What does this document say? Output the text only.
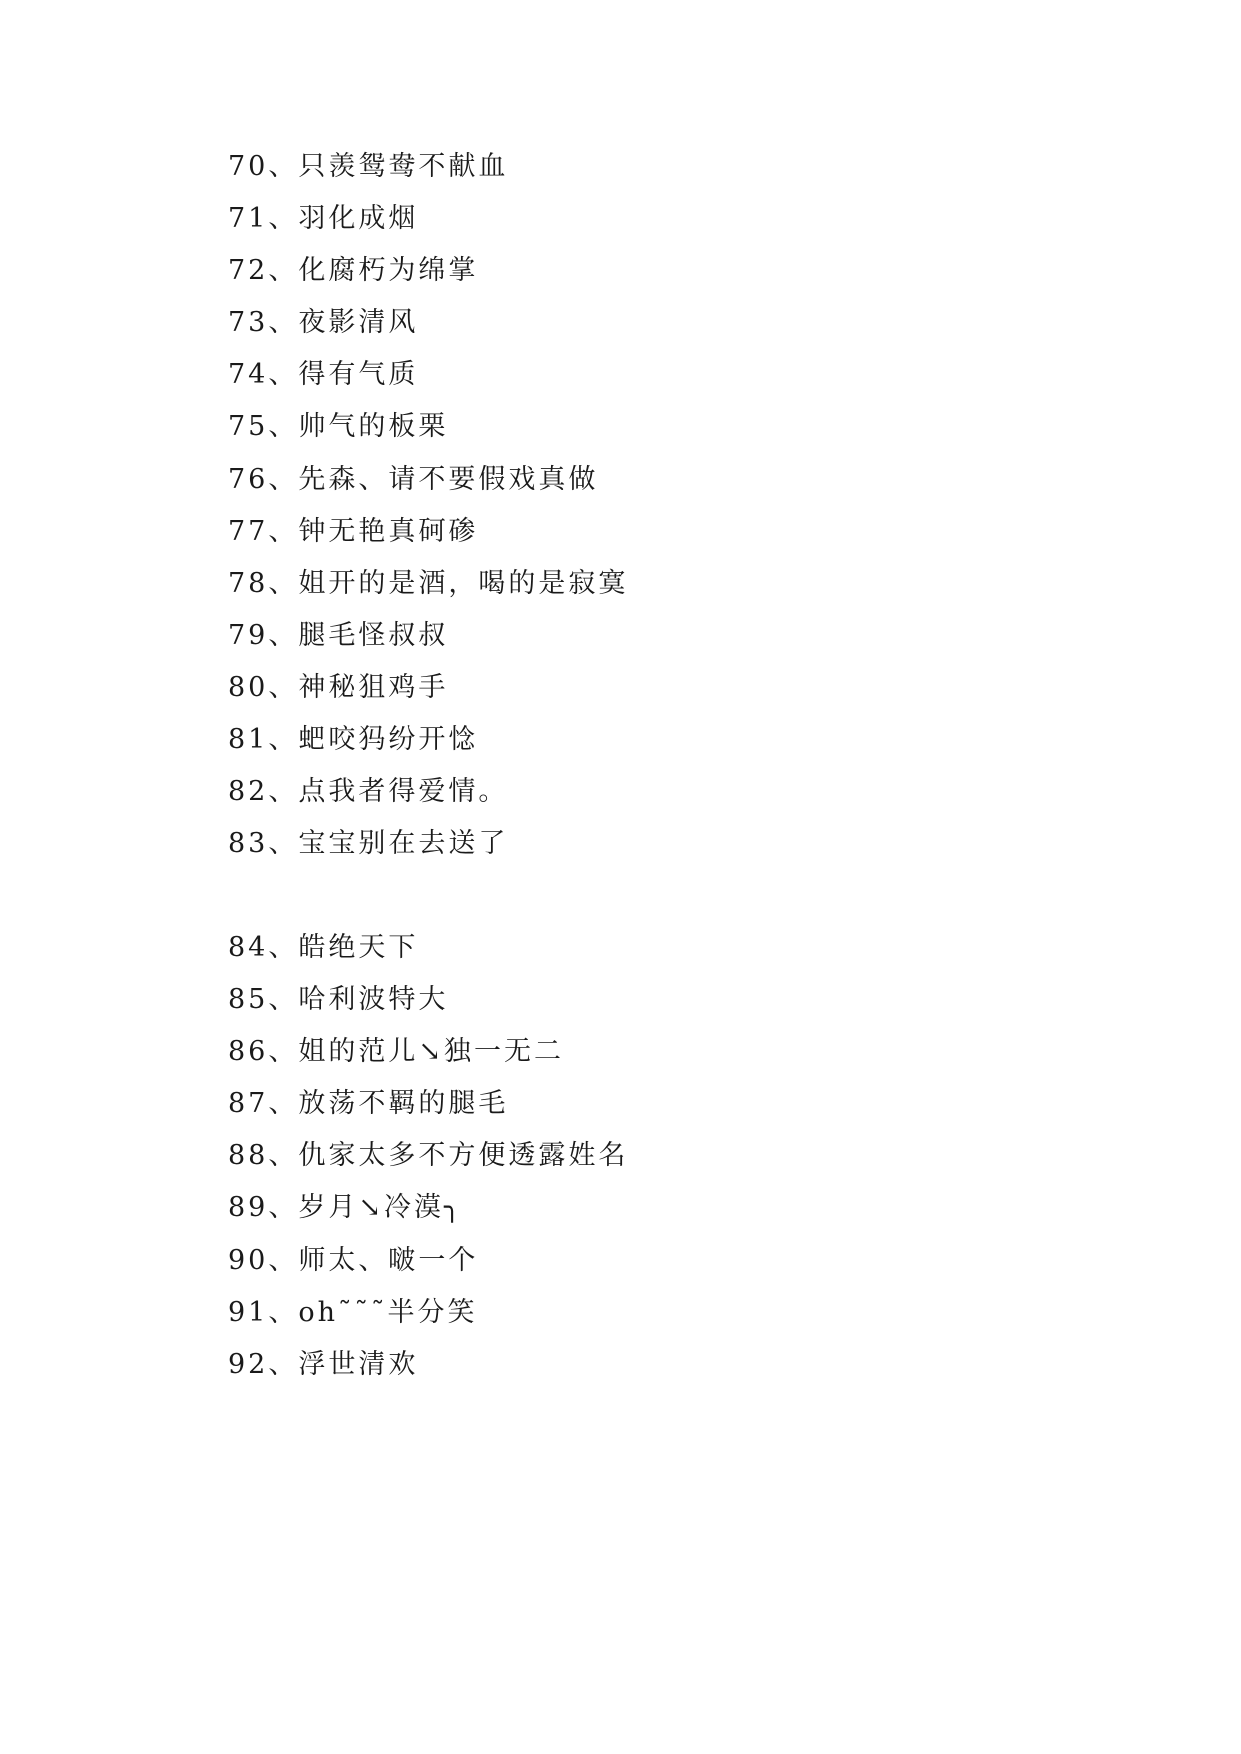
70、只羡鸳鸯不献血
71、羽化成烟
72、化腐朽为绵掌
73、夜影清风
74、得有气质
75、帅气的板栗
76、先森、请不要假戏真做
77、钟无艳真砢碜
78、姐开的是酒，喝的是寂寞
79、腿毛怪叔叔
80、神秘狙鸡手
81、蚆咬犸纷开惗
82、点我者得爱情。
83、宝宝别在去送了
84、皓绝天下
85、哈利波特大
86、姐的范儿↘独一无二
87、放荡不羁的腿毛
88、仇家太多不方便透露姓名
89、岁月↘冷漠╮
90、师太、啵一个
91、oh˜˜˜半分笑
92、浮世清欢
